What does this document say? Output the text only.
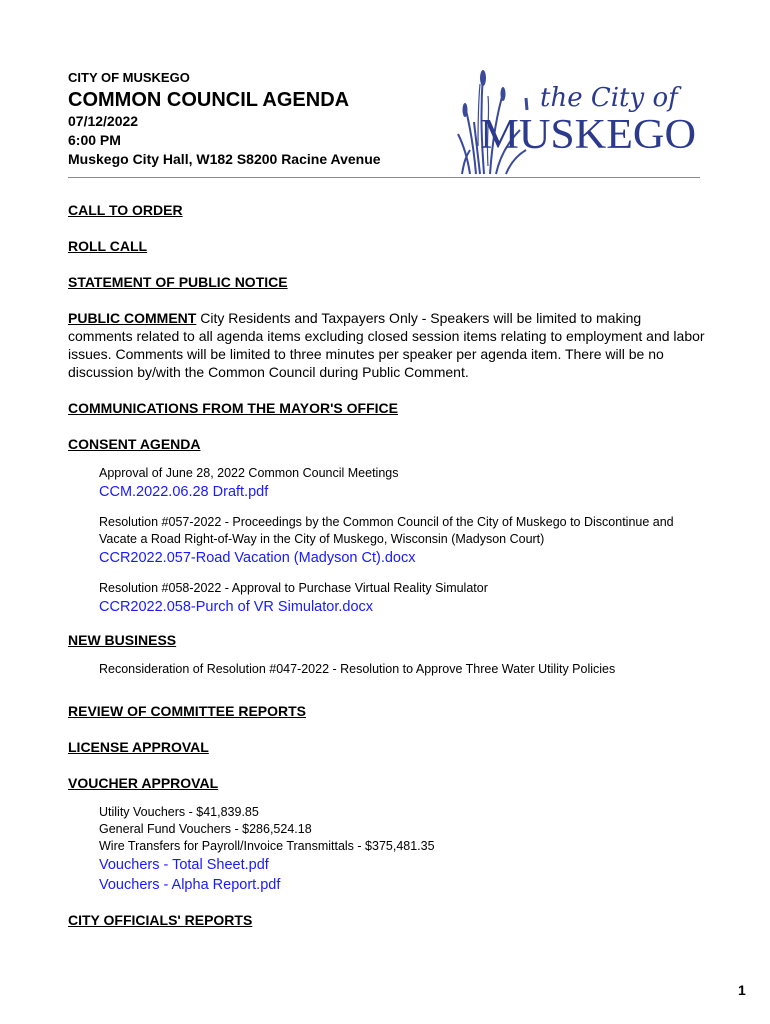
CITY OF MUSKEGO
COMMON COUNCIL AGENDA
07/12/2022
6:00 PM
Muskego City Hall, W182 S8200 Racine Avenue
the City of
MUSKEGO
CALL TO ORDER
ROLL CALL
STATEMENT OF PUBLIC NOTICE
PUBLIC COMMENT City Residents and Taxpayers Only - Speakers will be limited to making comments related to all agenda items excluding closed session items relating to employment and labor issues. Comments will be limited to three minutes per speaker per agenda item. There will be no discussion by/with the Common Council during Public Comment.
COMMUNICATIONS FROM THE MAYOR'S OFFICE
CONSENT AGENDA
Approval of June 28, 2022 Common Council Meetings
CCM.2022.06.28 Draft.pdf
Resolution #057-2022 - Proceedings by the Common Council of the City of Muskego to Discontinue and Vacate a Road Right-of-Way in the City of Muskego, Wisconsin (Madyson Court)
CCR2022.057-Road Vacation (Madyson Ct).docx
Resolution #058-2022 - Approval to Purchase Virtual Reality Simulator
CCR2022.058-Purch of VR Simulator.docx
NEW BUSINESS
Reconsideration of Resolution #047-2022 - Resolution to Approve Three Water Utility Policies
REVIEW OF COMMITTEE REPORTS
LICENSE APPROVAL
VOUCHER APPROVAL
Utility Vouchers - $41,839.85
General Fund Vouchers - $286,524.18
Wire Transfers for Payroll/Invoice Transmittals - $375,481.35
Vouchers - Total Sheet.pdf
Vouchers - Alpha Report.pdf
CITY OFFICIALS' REPORTS
1
